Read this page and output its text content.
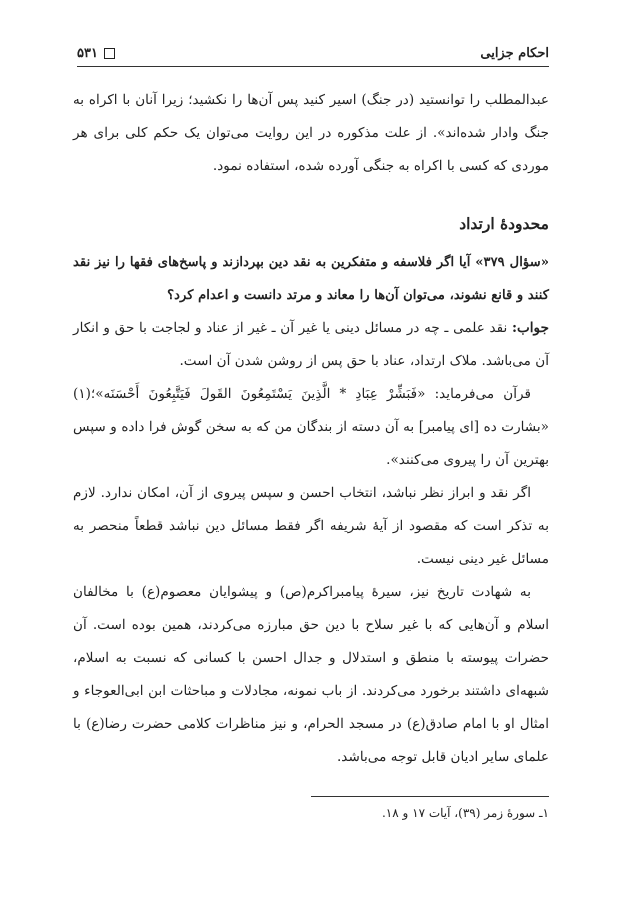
احکام جزایی
۵۳۱

عبدالمطلب را توانستید (در جنگ) اسیر کنید پس آن‌ها را نکشید؛ زیرا آنان با اکراه به جنگ وادار شده‌اند». از علت مذکوره در این روایت می‌توان یک حکم کلی برای هر موردی که کسی با اکراه به جنگی آورده شده، استفاده نمود.

محدودهٔ ارتداد

«سؤال ۳۷۹» آیا اگر فلاسفه و متفکرین به نقد دین بپردازند و پاسخ‌های فقها را نیز نقد کنند و قانع نشوند، می‌توان آن‌ها را معاند و مرتد دانست و اعدام کرد؟

جواب: نقد علمی ـ چه در مسائل دینی یا غیر آن ـ غیر از عناد و لجاجت با حق و انکار آن می‌باشد. ملاک ارتداد، عناد با حق پس از روشن شدن آن است.

قرآن می‌فرماید: «فَبَشِّرْ عِبَادِ * الَّذِينَ يَسْتَمِعُونَ القَولَ فَيَتَّبِعُونَ أَحْسَنَه»؛(۱) «بشارت ده [ای پیامبر] به آن دسته از بندگان من که به سخن گوش فرا داده و سپس بهترین آن را پیروی می‌کنند».

اگر نقد و ابراز نظر نباشد، انتخاب احسن و سپس پیروی از آن، امکان ندارد. لازم به تذکر است که مقصود از آیهٔ شریفه اگر فقط مسائل دین نباشد قطعاً منحصر به مسائل غیر دینی نیست.

به شهادت تاریخ نیز، سیرهٔ پیامبراکرم(ص) و پیشوایان معصوم(ع) با مخالفان اسلام و آن‌هایی که با غیر سلاح با دین حق مبارزه می‌کردند، همین بوده است. آن حضرات پیوسته با منطق و استدلال و جدال احسن با کسانی که نسبت به اسلام، شبهه‌ای داشتند برخورد می‌کردند. از باب نمونه، مجادلات و مباحثات ابن ابی‌العوجاء و امثال او با امام صادق(ع) در مسجد الحرام، و نیز مناظرات کلامی حضرت رضا(ع) با علمای سایر ادیان قابل توجه می‌باشد.

۱ـ سورهٔ زمر (۳۹)، آیات ۱۷ و ۱۸.
